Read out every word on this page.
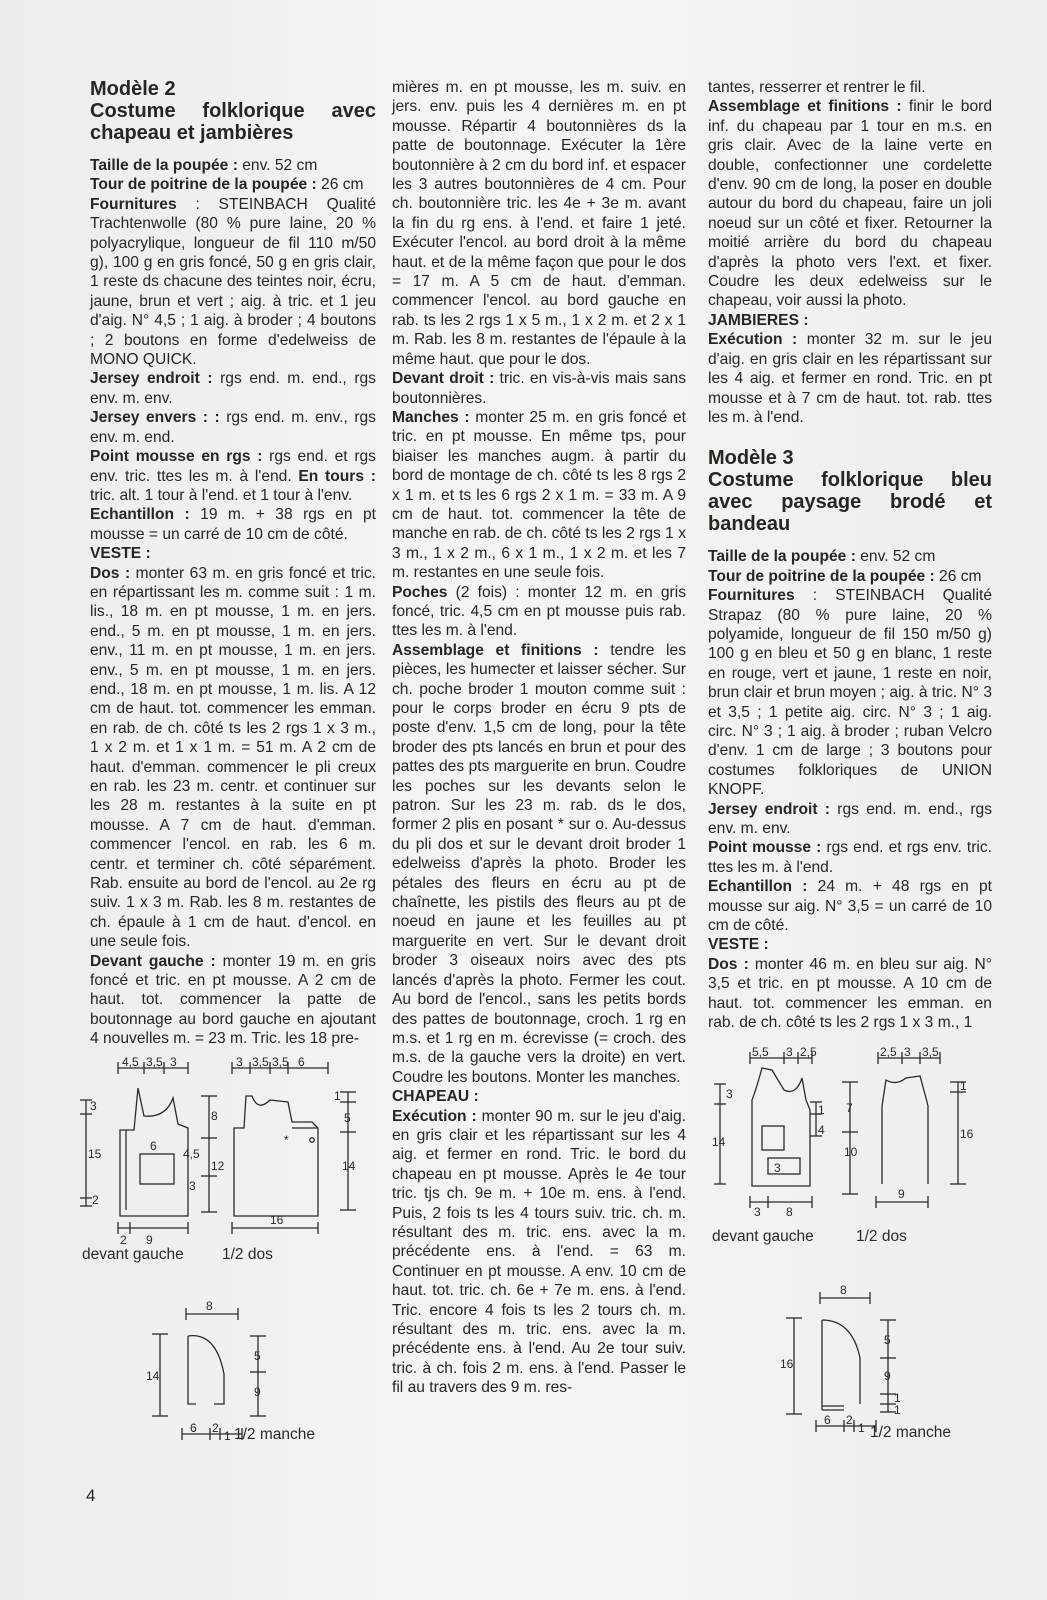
Modèle 2
Costume folklorique avec chapeau et jambières

Taille de la poupée : env. 52 cm

Tour de poitrine de la poupée : 26 cm

Fournitures : STEINBACH Qualité Trachtenwolle (80 % pure laine, 20 % polyacrylique, longueur de fil 110 m/50 g), 100 g en gris foncé, 50 g en gris clair, 1 reste ds chacune des teintes noir, écru, jaune, brun et vert ; aig. à tric. et 1 jeu d'aig. N° 4,5 ; 1 aig. à broder ; 4 boutons ; 2 boutons en forme d'edelweiss de MONO QUICK.

Jersey endroit : rgs end. m. end., rgs env. m. env.

Jersey envers : : rgs end. m. env., rgs env. m. end.

Point mousse en rgs : rgs end. et rgs env. tric. ttes les m. à l'end. En tours : tric. alt. 1 tour à l'end. et 1 tour à l'env.

Echantillon : 19 m. + 38 rgs en pt mousse = un carré de 10 cm de côté.

VESTE :

Dos : monter 63 m. en gris foncé et tric. en répartissant les m. comme suit : 1 m. lis., 18 m. en pt mousse, 1 m. en jers. end., 5 m. en pt mousse, 1 m. en jers. env., 11 m. en pt mousse, 1 m. en jers. env., 5 m. en pt mousse, 1 m. en jers. end., 18 m. en pt mousse, 1 m. lis. A 12 cm de haut. tot. commencer les emman. en rab. de ch. côté ts les 2 rgs 1 x 3 m., 1 x 2 m. et 1 x 1 m. = 51 m. A 2 cm de haut. d'emman. commencer le pli creux en rab. les 23 m. centr. et continuer sur les 28 m. restantes à la suite en pt mousse. A 7 cm de haut. d'emman. commencer l'encol. en rab. les 6 m. centr. et terminer ch. côté séparément. Rab. ensuite au bord de l'encol. au 2e rg suiv. 1 x 3 m. Rab. les 8 m. restantes de ch. épaule à 1 cm de haut. d'encol. en une seule fois.

Devant gauche : monter 19 m. en gris foncé et tric. en pt mousse. A 2 cm de haut. tot. commencer la patte de boutonnage au bord gauche en ajoutant 4 nouvelles m. = 23 m. Tric. les 18 pre-

mières m. en pt mousse, les m. suiv. en jers. env. puis les 4 dernières m. en pt mousse. Répartir 4 boutonnières ds la patte de boutonnage. Exécuter la 1ère boutonnière à 2 cm du bord inf. et espacer les 3 autres boutonnières de 4 cm. Pour ch. boutonnière tric. les 4e + 3e m. avant la fin du rg ens. à l'end. et faire 1 jeté. Exécuter l'encol. au bord droit à la même haut. et de la même façon que pour le dos = 17 m. A 5 cm de haut. d'emman. commencer l'encol. au bord gauche en rab. ts les 2 rgs 1 x 5 m., 1 x 2 m. et 2 x 1 m. Rab. les 8 m. restantes de l'épaule à la même haut. que pour le dos.

Devant droit : tric. en vis-à-vis mais sans boutonnières.

Manches : monter 25 m. en gris foncé et tric. en pt mousse. En même tps, pour biaiser les manches augm. à partir du bord de montage de ch. côté ts les 8 rgs 2 x 1 m. et ts les 6 rgs 2 x 1 m. = 33 m. A 9 cm de haut. tot. commencer la tête de manche en rab. de ch. côté ts les 2 rgs 1 x 3 m., 1 x 2 m., 6 x 1 m., 1 x 2 m. et les 7 m. restantes en une seule fois.

Poches (2 fois) : monter 12 m. en gris foncé, tric. 4,5 cm en pt mousse puis rab. ttes les m. à l'end.

Assemblage et finitions : tendre les pièces, les humecter et laisser sécher. Sur ch. poche broder 1 mouton comme suit : pour le corps broder en écru 9 pts de poste d'env. 1,5 cm de long, pour la tête broder des pts lancés en brun et pour des pattes des pts marguerite en brun. Coudre les poches sur les devants selon le patron. Sur les 23 m. rab. ds le dos, former 2 plis en posant * sur o. Au-dessus du pli dos et sur le devant droit broder 1 edelweiss d'après la photo. Broder les pétales des fleurs en écru au pt de chaînette, les pistils des fleurs au pt de noeud en jaune et les feuilles au pt marguerite en vert. Sur le devant droit broder 3 oiseaux noirs avec des pts lancés d'après la photo. Fermer les cout. Au bord de l'encol., sans les petits bords des pattes de boutonnage, croch. 1 rg en m.s. et 1 rg en m. écrevisse (= croch. des m.s. de la gauche vers la droite) en vert. Coudre les boutons. Monter les manches.

CHAPEAU :

Exécution : monter 90 m. sur le jeu d'aig. en gris clair et les répartissant sur les 4 aig. et fermer en rond. Tric. le bord du chapeau en pt mousse. Après le 4e tour tric. tjs ch. 9e m. + 10e m. ens. à l'end. Puis, 2 fois ts les 4 tours suiv. tric. ch. m. résultant des m. tric. ens. avec la m. précédente ens. à l'end. = 63 m. Continuer en pt mousse. A env. 10 cm de haut. tot. tric. ch. 6e + 7e m. ens. à l'end. Tric. encore 4 fois ts les 2 tours ch. m. résultant des m. tric. ens. avec la m. précédente ens. à l'end. Au 2e tour suiv. tric. à ch. fois 2 m. ens. à l'end. Passer le fil au travers des 9 m. res-

tantes, resserrer et rentrer le fil.

Assemblage et finitions : finir le bord inf. du chapeau par 1 tour en m.s. en gris clair. Avec de la laine verte en double, confectionner une cordelette d'env. 90 cm de long, la poser en double autour du bord du chapeau, faire un joli noeud sur un côté et fixer. Retourner la moitié arrière du bord du chapeau d'après la photo vers l'ext. et fixer. Coudre les deux edelweiss sur le chapeau, voir aussi la photo.

JAMBIERES :

Exécution : monter 32 m. sur le jeu d'aig. en gris clair en les répartissant sur les 4 aig. et fermer en rond. Tric. en pt mousse et à 7 cm de haut. tot. rab. ttes les m. à l'end.

Modèle 3
Costume folklorique bleu avec paysage brodé et bandeau

Taille de la poupée : env. 52 cm

Tour de poitrine de la poupée : 26 cm

Fournitures : STEINBACH Qualité Strapaz (80 % pure laine, 20 % polyamide, longueur de fil 150 m/50 g) 100 g en bleu et 50 g en blanc, 1 reste en rouge, vert et jaune, 1 reste en noir, brun clair et brun moyen ; aig. à tric. N° 3 et 3,5 ; 1 petite aig. circ. N° 3 ; 1 aig. circ. N° 3 ; 1 aig. à broder ; ruban Velcro d'env. 1 cm de large ; 3 boutons pour costumes folkloriques de UNION KNOPF.

Jersey endroit : rgs end. m. end., rgs env. m. env.

Point mousse : rgs end. et rgs env. tric. ttes les m. à l'end.

Echantillon : 24 m. + 48 rgs en pt mousse sur aig. N° 3,5 = un carré de 10 cm de côté.

VESTE :

Dos : monter 46 m. en bleu sur aig. N° 3,5 et tric. en pt mousse. A 10 cm de haut. tot. commencer les emman. en rab. de ch. côté ts les 2 rgs 1 x 3 m., 1

4,5 3,5 3
3
15
2
6
2 9
8
4,5
12
3
devant gauche
*
3 3,5 3,5 6
16
1
5
14
1/2 dos
8
14
5
9
6 2
1 1/2 manche
5,5 3 2,5
3
14
3
3 8
1
4
7
10
devant gauche
2,5 3 3,5
9
1
16
1/2 dos
8
16
5
9
1
1
6 2
1 1/2 manche
4
